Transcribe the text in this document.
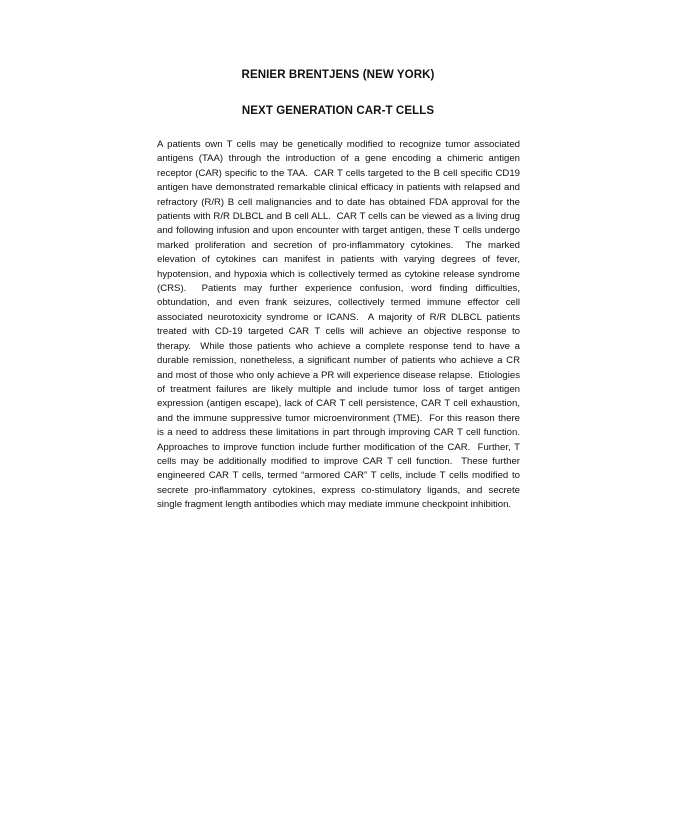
RENIER BRENTJENS (NEW YORK)

NEXT GENERATION CAR-T CELLS

A patients own T cells may be genetically modified to recognize tumor associated antigens (TAA) through the introduction of a gene encoding a chimeric antigen receptor (CAR) specific to the TAA.  CAR T cells targeted to the B cell specific CD19 antigen have demonstrated remarkable clinical efficacy in patients with relapsed and refractory (R/R) B cell malignancies and to date has obtained FDA approval for the patients with R/R DLBCL and B cell ALL.  CAR T cells can be viewed as a living drug and following infusion and upon encounter with target antigen, these T cells undergo marked proliferation and secretion of pro-inflammatory cytokines.  The marked elevation of cytokines can manifest in patients with varying degrees of fever, hypotension, and hypoxia which is collectively termed as cytokine release syndrome (CRS).  Patients may further experience confusion, word finding difficulties, obtundation, and even frank seizures, collectively termed immune effector cell associated neurotoxicity syndrome or ICANS.  A majority of R/R DLBCL patients treated with CD-19 targeted CAR T cells will achieve an objective response to therapy.  While those patients who achieve a complete response tend to have a durable remission, nonetheless, a significant number of patients who achieve a CR and most of those who only achieve a PR will experience disease relapse.  Etiologies of treatment failures are likely multiple and include tumor loss of target antigen expression (antigen escape), lack of CAR T cell persistence, CAR T cell exhaustion, and the immune suppressive tumor microenvironment (TME).  For this reason there is a need to address these limitations in part through improving CAR T cell function.  Approaches to improve function include further modification of the CAR.  Further, T cells may be additionally modified to improve CAR T cell function.  These further engineered CAR T cells, termed “armored CAR” T cells, include T cells modified to secrete pro-inflammatory cytokines, express co-stimulatory ligands, and secrete single fragment length antibodies which may mediate immune checkpoint inhibition.
